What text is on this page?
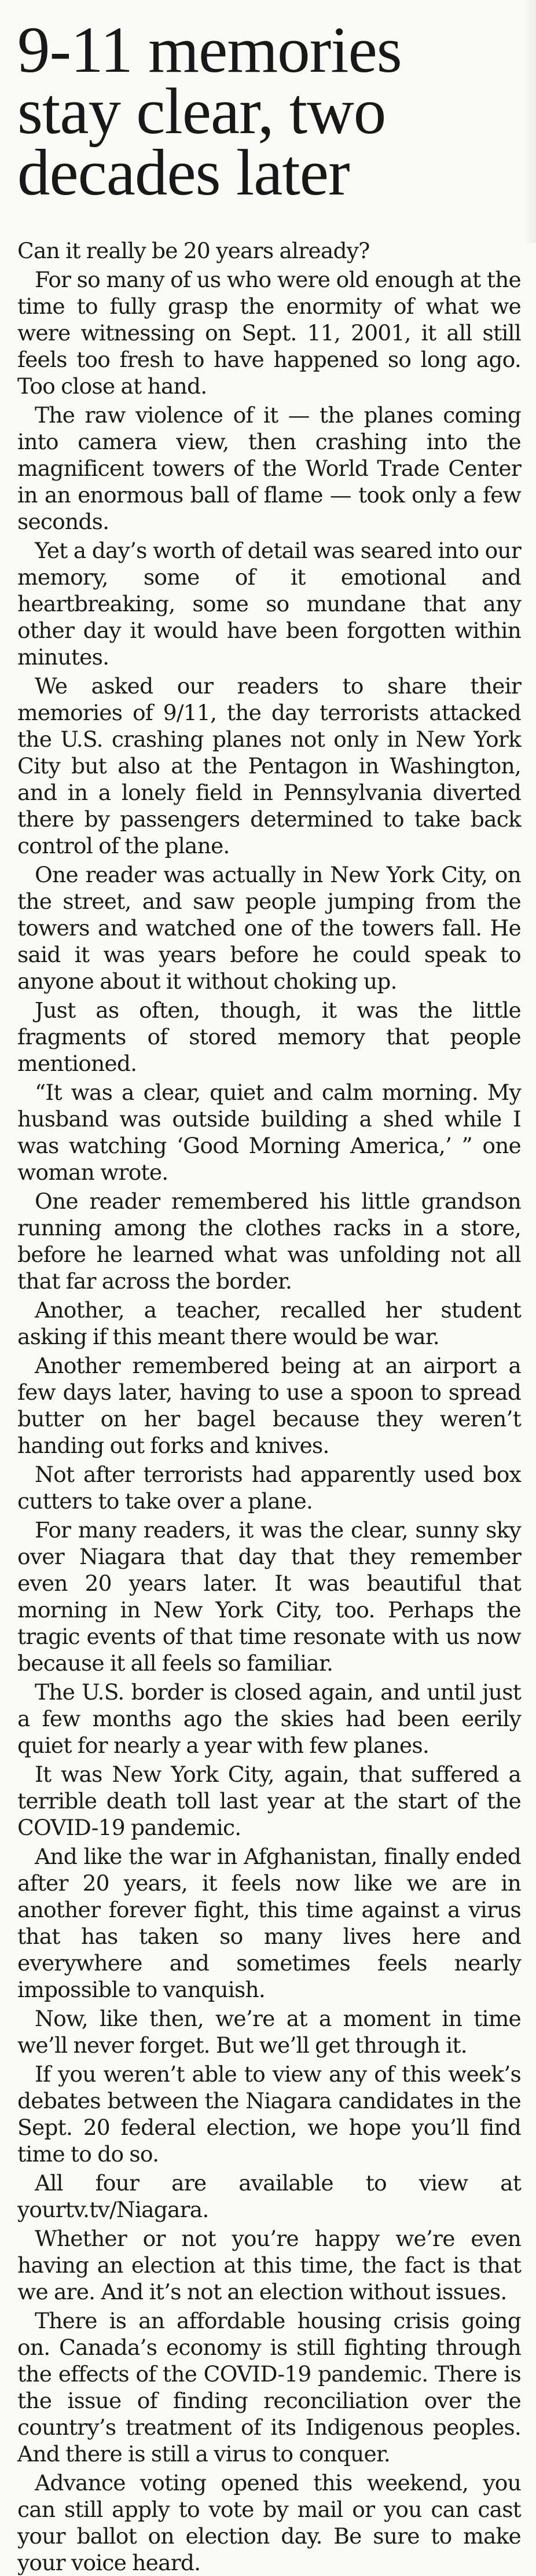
9-11 memories
stay clear, two
decades later

Can it really be 20 years already?

For so many of us who were old enough at the time to fully grasp the enormity of what we were witnessing on Sept. 11, 2001, it all still feels too fresh to have happened so long ago. Too close at hand.

The raw violence of it — the planes coming into camera view, then crashing into the magnificent towers of the World Trade Center in an enormous ball of flame — took only a few seconds.

Yet a day’s worth of detail was seared into our memory, some of it emotional and heartbreaking, some so mundane that any other day it would have been forgotten within minutes.

We asked our readers to share their memories of 9/11, the day terrorists attacked the U.S. crashing planes not only in New York City but also at the Pentagon in Washington, and in a lonely field in Pennsylvania diverted there by passengers determined to take back control of the plane.

One reader was actually in New York City, on the street, and saw people jumping from the towers and watched one of the towers fall. He said it was years before he could speak to anyone about it without choking up.

Just as often, though, it was the little fragments of stored memory that people mentioned.

“It was a clear, quiet and calm morning. My husband was outside building a shed while I was watching ‘Good Morning America,’ ” one woman wrote.

One reader remembered his little grandson running among the clothes racks in a store, before he learned what was unfolding not all that far across the border.

Another, a teacher, recalled her student asking if this meant there would be war.

Another remembered being at an airport a few days later, having to use a spoon to spread butter on her bagel because they weren’t handing out forks and knives.

Not after terrorists had apparently used box cutters to take over a plane.

For many readers, it was the clear, sunny sky over Niagara that day that they remember even 20 years later. It was beautiful that morning in New York City, too. Perhaps the tragic events of that time resonate with us now because it all feels so familiar.

The U.S. border is closed again, and until just a few months ago the skies had been eerily quiet for nearly a year with few planes.

It was New York City, again, that suffered a terrible death toll last year at the start of the COVID-19 pandemic.

And like the war in Afghanistan, finally ended after 20 years, it feels now like we are in another forever fight, this time against a virus that has taken so many lives here and everywhere and sometimes feels nearly impossible to vanquish.

Now, like then, we’re at a moment in time we’ll never forget. But we’ll get through it.

If you weren’t able to view any of this week’s debates between the Niagara candidates in the Sept. 20 federal election, we hope you’ll find time to do so.

All four are available to view at yourtv.tv/Niagara.

Whether or not you’re happy we’re even having an election at this time, the fact is that we are. And it’s not an election without issues.

There is an affordable housing crisis going on. Canada’s economy is still fighting through the effects of the COVID-19 pandemic. There is the issue of finding reconciliation over the country’s treatment of its Indigenous peoples. And there is still a virus to conquer.

Advance voting opened this weekend, you can still apply to vote by mail or you can cast your ballot on election day. Be sure to make your voice heard.
